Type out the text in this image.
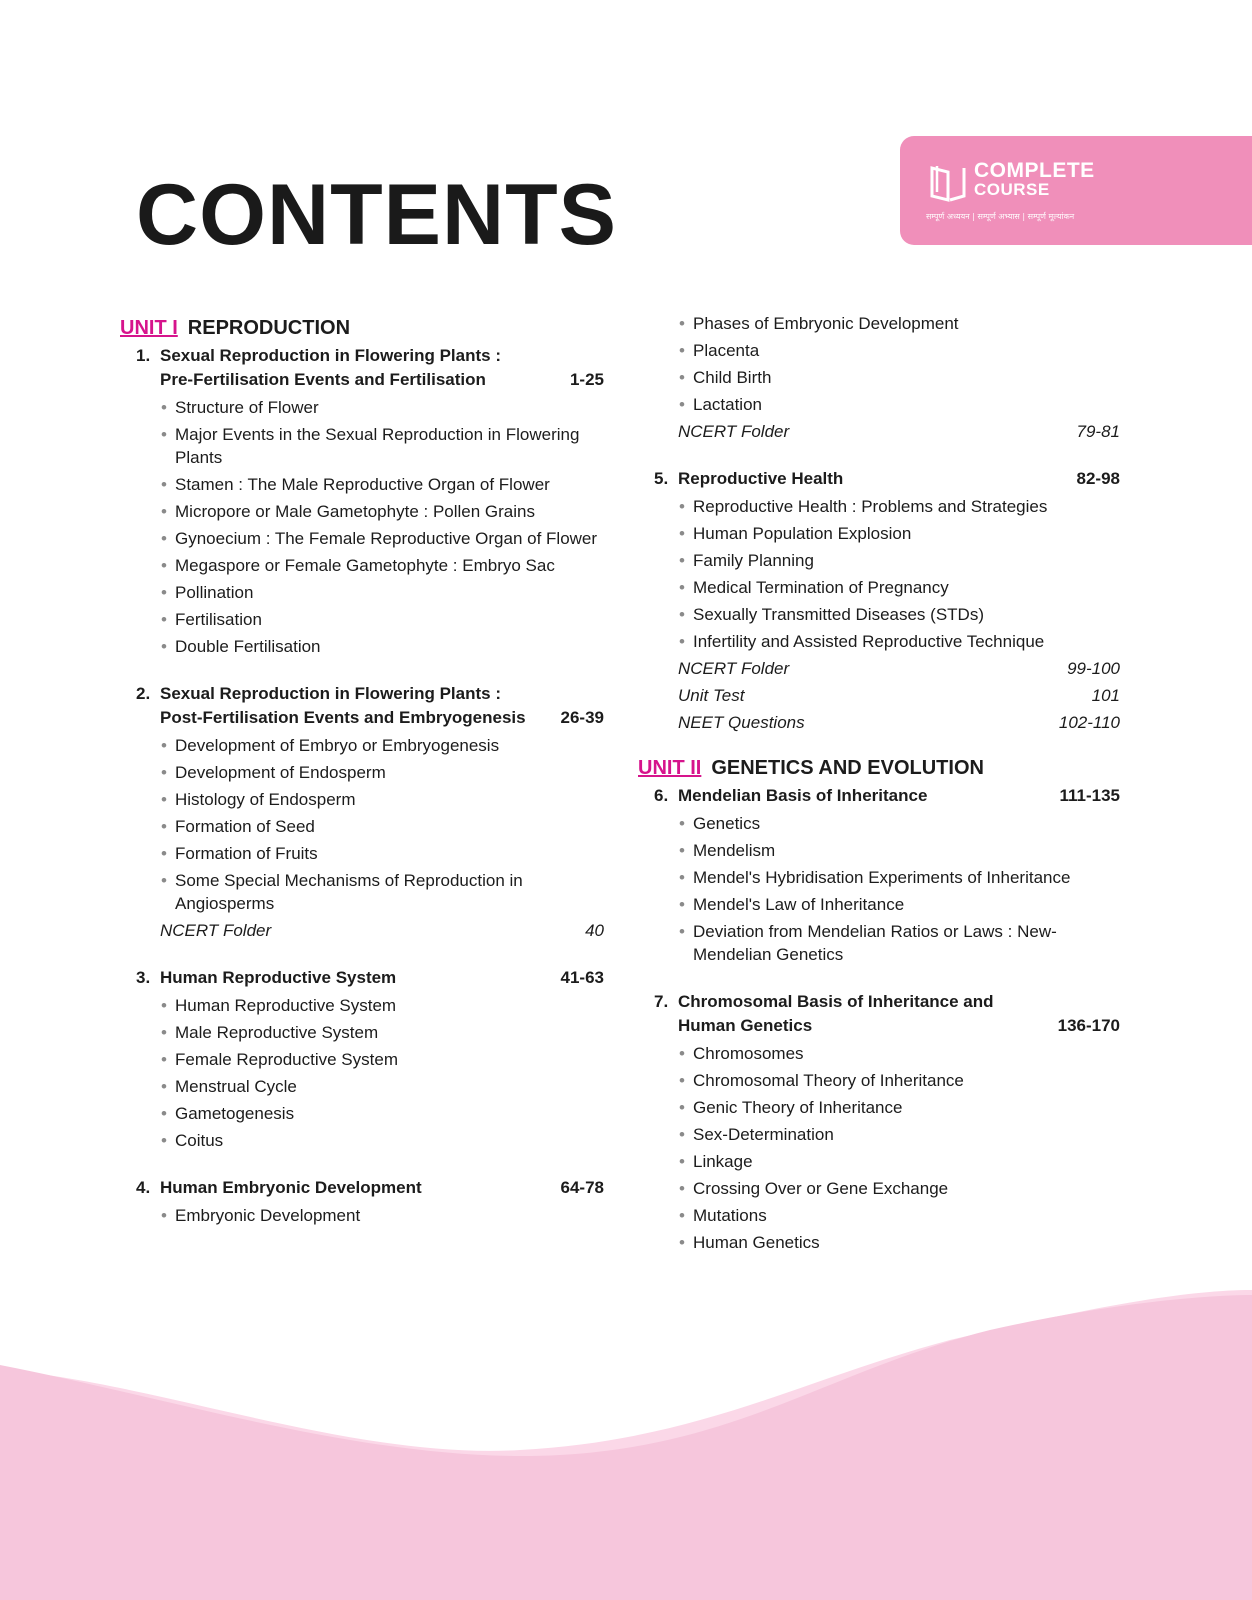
COMPLETE
COURSE
सम्पूर्ण अध्ययन | सम्पूर्ण अभ्यास | सम्पूर्ण मूल्यांकन
CONTENTS
UNIT I REPRODUCTION
1. Sexual Reproduction in Flowering Plants :
Pre-Fertilisation Events and Fertilisation	1-25
• Structure of Flower
• Major Events in the Sexual Reproduction in Flowering Plants
• Stamen : The Male Reproductive Organ of Flower
• Micropore or Male Gametophyte : Pollen Grains
• Gynoecium : The Female Reproductive Organ of Flower
• Megaspore or Female Gametophyte : Embryo Sac
• Pollination
• Fertilisation
• Double Fertilisation
2. Sexual Reproduction in Flowering Plants :
Post-Fertilisation Events and Embryogenesis	26-39
• Development of Embryo or Embryogenesis
• Development of Endosperm
• Histology of Endosperm
• Formation of Seed
• Formation of Fruits
• Some Special Mechanisms of Reproduction in Angiosperms
NCERT Folder	40
3. Human Reproductive System	41-63
• Human Reproductive System
• Male Reproductive System
• Female Reproductive System
• Menstrual Cycle
• Gametogenesis
• Coitus
4. Human Embryonic Development	64-78
• Embryonic Development
• Phases of Embryonic Development
• Placenta
• Child Birth
• Lactation
NCERT Folder	79-81
5. Reproductive Health	82-98
• Reproductive Health : Problems and Strategies
• Human Population Explosion
• Family Planning
• Medical Termination of Pregnancy
• Sexually Transmitted Diseases (STDs)
• Infertility and Assisted Reproductive Technique
NCERT Folder	99-100
Unit Test	101
NEET Questions	102-110
UNIT II GENETICS AND EVOLUTION
6. Mendelian Basis of Inheritance	111-135
• Genetics
• Mendelism
• Mendel's Hybridisation Experiments of Inheritance
• Mendel's Law of Inheritance
• Deviation from Mendelian Ratios or Laws : New-Mendelian Genetics
7. Chromosomal Basis of Inheritance and
Human Genetics	136-170
• Chromosomes
• Chromosomal Theory of Inheritance
• Genic Theory of Inheritance
• Sex-Determination
• Linkage
• Crossing Over or Gene Exchange
• Mutations
• Human Genetics
